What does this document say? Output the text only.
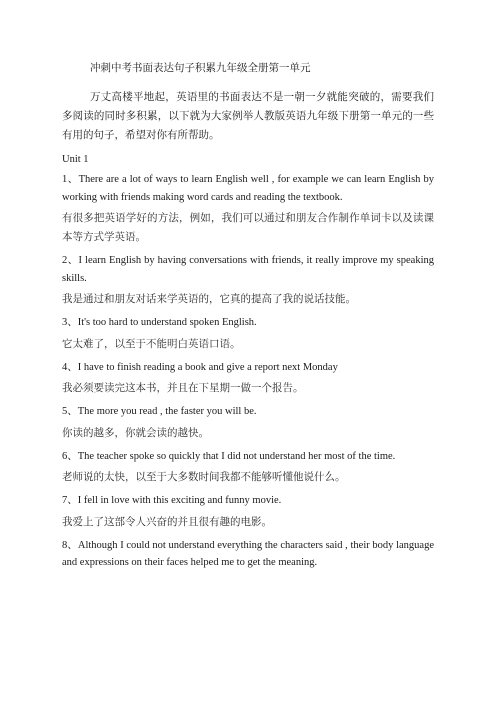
冲刺中考书面表达句子积累九年级全册第一单元

万丈高楼平地起，英语里的书面表达不是一朝一夕就能突破的，需要我们多阅读的同时多积累，以下就为大家例举人教版英语九年级下册第一单元的一些有用的句子，希望对你有所帮助。

Unit 1

1、There are a lot of ways to learn English well , for example we can learn English by working with friends making word cards and reading the textbook.

有很多把英语学好的方法，例如，我们可以通过和朋友合作制作单词卡以及读课本等方式学英语。

2、I learn English by having conversations with friends, it really improve my speaking skills.

我是通过和朋友对话来学英语的，它真的提高了我的说话技能。

3、It's too hard to understand spoken English.

它太难了，以至于不能明白英语口语。

4、I have to finish reading a book and give a report next Monday

我必须要读完这本书，并且在下星期一做一个报告。

5、The more you read , the faster you will be.

你读的越多，你就会读的越快。

6、The teacher spoke so quickly that I did not understand her most of the time.

老师说的太快，以至于大多数时间我都不能够听懂他说什么。

7、I fell in love with this exciting and funny movie.

我爱上了这部令人兴奋的并且很有趣的电影。

8、Although I could not understand everything the characters said , their body language and expressions on their faces helped me to get the meaning.
